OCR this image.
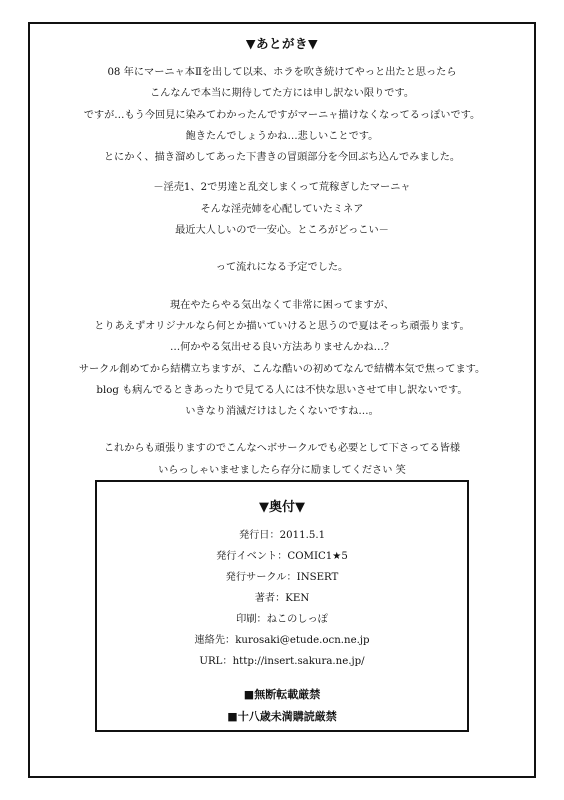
▼あとがき▼

08 年にマーニャ本Ⅱを出して以来、ホラを吹き続けてやっと出たと思ったら

こんなんで本当に期待してた方には申し訳ない限りです。

ですが…もう今回見に染みてわかったんですがマーニャ描けなくなってるっぽいです。

飽きたんでしょうかね…悲しいことです。

とにかく、描き溜めしてあった下書きの冒頭部分を今回ぶち込んでみました。

－淫売1、2で男達と乱交しまくって荒稼ぎしたマーニャ

そんな淫売姉を心配していたミネア

最近大人しいので一安心。ところがどっこい－

って流れになる予定でした。

現在やたらやる気出なくて非常に困ってますが、

とりあえずオリジナルなら何とか描いていけると思うので夏はそっち頑張ります。

…何かやる気出せる良い方法ありませんかね…？

サークル創めてから結構立ちますが、こんな酷いの初めてなんで結構本気で焦ってます。

blog も病んでるときあったりで見てる人には不快な思いさせて申し訳ないです。

いきなり消滅だけはしたくないですね…。

これからも頑張りますのでこんなヘボサークルでも必要として下さってる皆様

いらっしゃいませましたら存分に励ましてください 笑

▼奥付▼
発行日：2011.5.1
発行イベント：COMIC1★5
発行サークル：INSERT
著者：KEN
印刷：ねこのしっぽ
連絡先：kurosaki@etude.ocn.ne.jp
URL：http://insert.sakura.ne.jp/
■無断転載厳禁
■十八歳未満購読厳禁
